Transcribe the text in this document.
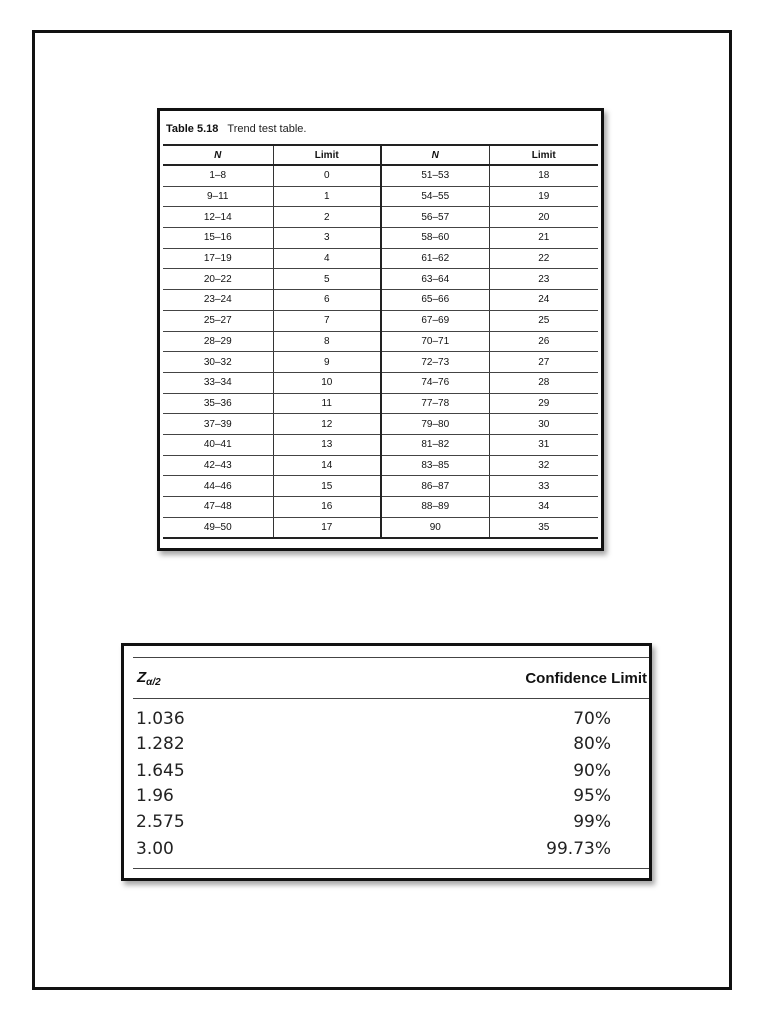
Table 5.18 Trend test table.
N	Limit	N	Limit
1–8	0	51–53	18
9–11	1	54–55	19
12–14	2	56–57	20
15–16	3	58–60	21
17–19	4	61–62	22
20–22	5	63–64	23
23–24	6	65–66	24
25–27	7	67–69	25
28–29	8	70–71	26
30–32	9	72–73	27
33–34	10	74–76	28
35–36	11	77–78	29
37–39	12	79–80	30
40–41	13	81–82	31
42–43	14	83–85	32
44–46	15	86–87	33
47–48	16	88–89	34
49–50	17	90	35
$Z_{\alpha/2}$	Confidence Limit
1.036	70%
1.282	80%
1.645	90%
1.96	95%
2.575	99%
3.00	99.73%
